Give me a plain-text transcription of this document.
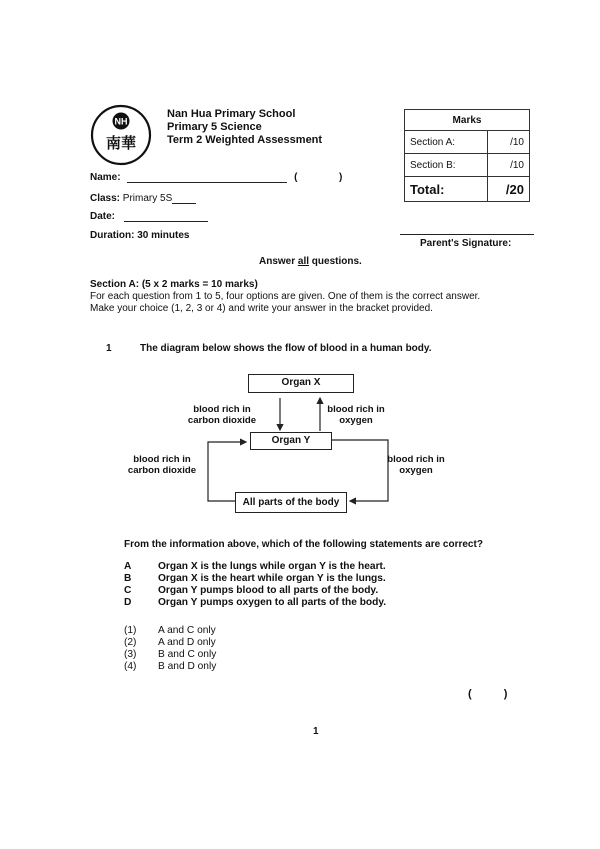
NH
南華
Nan Hua Primary School
Primary 5 Science
Term 2 Weighted Assessment
Marks	
Section A:	/10
Section B:	/10
Total:	/20
Name:	(	)
Class: Primary 5S
Date:
Duration: 30 minutes
Parent's Signature:
Answer all questions.
Section A: (5 x 2 marks = 10 marks)
For each question from 1 to 5, four options are given. One of them is the correct answer.
Make your choice (1, 2, 3 or 4) and write your answer in the bracket provided.
1	The diagram below shows the flow of blood in a human body.
Organ X
Organ Y
All parts of the body
blood rich in
carbon dioxide
blood rich in
oxygen
blood rich in
carbon dioxide
blood rich in
oxygen
From the information above, which of the following statements are correct?
A	Organ X is the lungs while organ Y is the heart.
B	Organ X is the heart while organ Y is the lungs.
C	Organ Y pumps blood to all parts of the body.
D	Organ Y pumps oxygen to all parts of the body.
(1) A and C only
(2) A and D only
(3) B and C only
(4) B and D only
(	)
1
